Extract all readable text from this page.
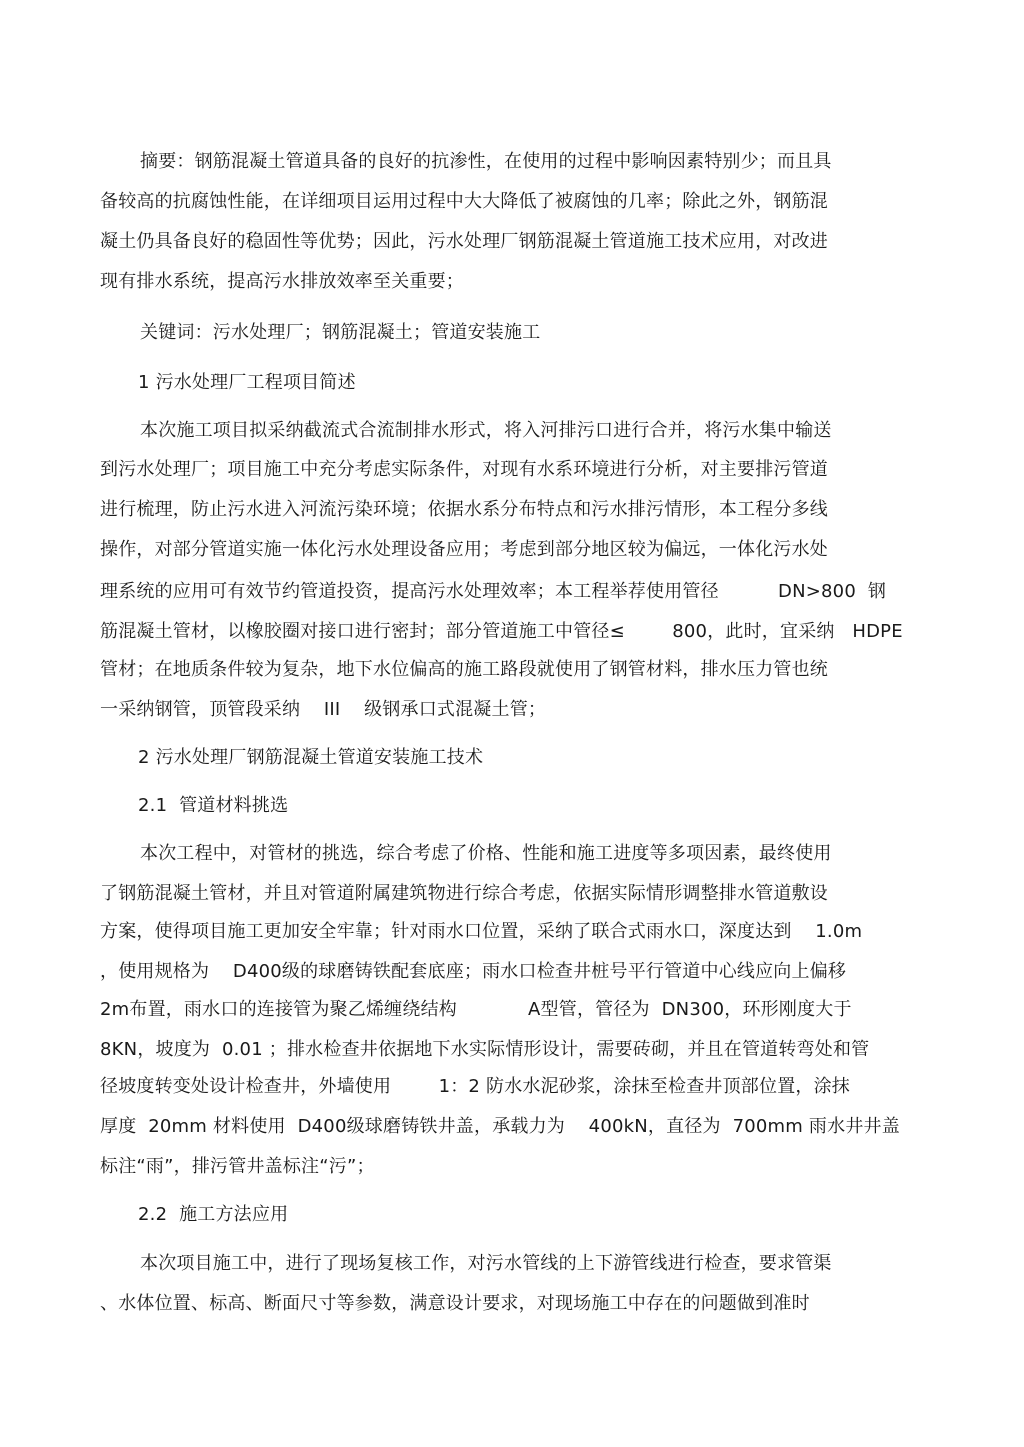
摘要：钢筋混凝土管道具备的良好的抗渗性，在使用的过程中影响因素特别少；而且具
备较高的抗腐蚀性能，在详细项目运用过程中大大降低了被腐蚀的几率；除此之外，钢筋混
凝土仍具备良好的稳固性等优势；因此，污水处理厂钢筋混凝土管道施工技术应用，对改进
现有排水系统，提高污水排放效率至关重要；
关键词：污水处理厂；钢筋混凝土；管道安装施工
1 污水处理厂工程项目简述
本次施工项目拟采纳截流式合流制排水形式，将入河排污口进行合并，将污水集中输送
到污水处理厂；项目施工中充分考虑实际条件，对现有水系环境进行分析，对主要排污管道
进行梳理，防止污水进入河流污染环境；依据水系分布特点和污水排污情形，本工程分多线
操作，对部分管道实施一体化污水处理设备应用；考虑到部分地区较为偏远，一体化污水处
理系统的应用可有效节约管道投资，提高污水处理效率；本工程举荐使用管径          DN>800  钢
筋混凝土管材，以橡胶圈对接口进行密封；部分管道施工中管径≤        800，此时，宜采纳   HDPE
管材；在地质条件较为复杂，地下水位偏高的施工路段就使用了钢管材料，排水压力管也统
一采纳钢管，顶管段采纳    III    级钢承口式混凝土管；
2 污水处理厂钢筋混凝土管道安装施工技术
2.1  管道材料挑选
本次工程中，对管材的挑选，综合考虑了价格、性能和施工进度等多项因素，最终使用
了钢筋混凝土管材，并且对管道附属建筑物进行综合考虑，依据实际情形调整排水管道敷设
方案，使得项目施工更加安全牢靠；针对雨水口位置，采纳了联合式雨水口，深度达到    1.0m
，使用规格为    D400级的球磨铸铁配套底座；雨水口检查井桩号平行管道中心线应向上偏移
2m布置，雨水口的连接管为聚乙烯缠绕结构            A型管，管径为  DN300，环形刚度大于
8KN，坡度为  0.01 ；排水检查井依据地下水实际情形设计，需要砖砌，并且在管道转弯处和管
径坡度转变处设计检查井，外墙使用        1：2 防水水泥砂浆，涂抹至检查井顶部位置，涂抹
厚度  20mm 材料使用  D400级球磨铸铁井盖，承载力为    400kN，直径为  700mm 雨水井井盖
标注“雨”，排污管井盖标注“污”；
2.2  施工方法应用
本次项目施工中，进行了现场复核工作，对污水管线的上下游管线进行检查，要求管渠
、水体位置、标高、断面尺寸等参数，满意设计要求，对现场施工中存在的问题做到准时
